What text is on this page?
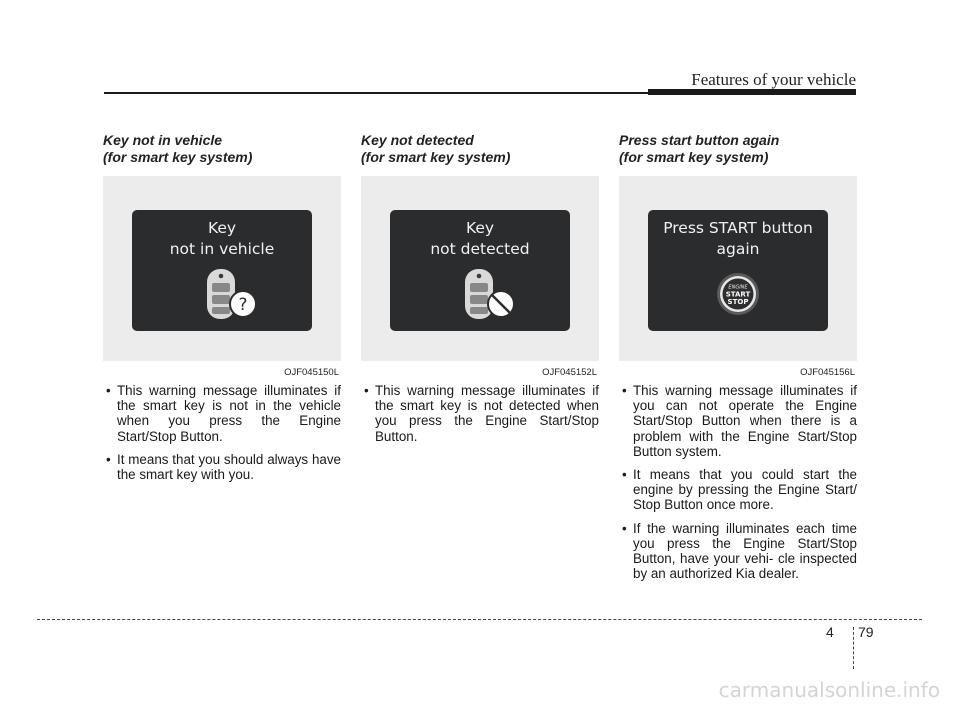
Features of your vehicle
Key not in vehicle
(for smart key system)
Key
not in vehicle
?
OJF045150L
• This warning message illuminates if the smart key is not in the vehicle when you press the Engine Start/Stop Button.
• It means that you should always have the smart key with you.
Key not detected
(for smart key system)
Key
not detected
OJF045152L
• This warning message illuminates if the smart key is not detected when you press the Engine Start/Stop Button.
Press start button again
(for smart key system)
Press START button
again
ENGINE
START
STOP
OJF045156L
• This warning message illuminates if you can not operate the Engine Start/Stop Button when there is a problem with the Engine Start/Stop Button system.
• It means that you could start the engine by pressing the Engine Start/ Stop Button once more.
• If the warning illuminates each time you press the Engine Start/Stop Button, have your vehi- cle inspected by an authorized Kia dealer.
4 79
carmanualsonline.info
